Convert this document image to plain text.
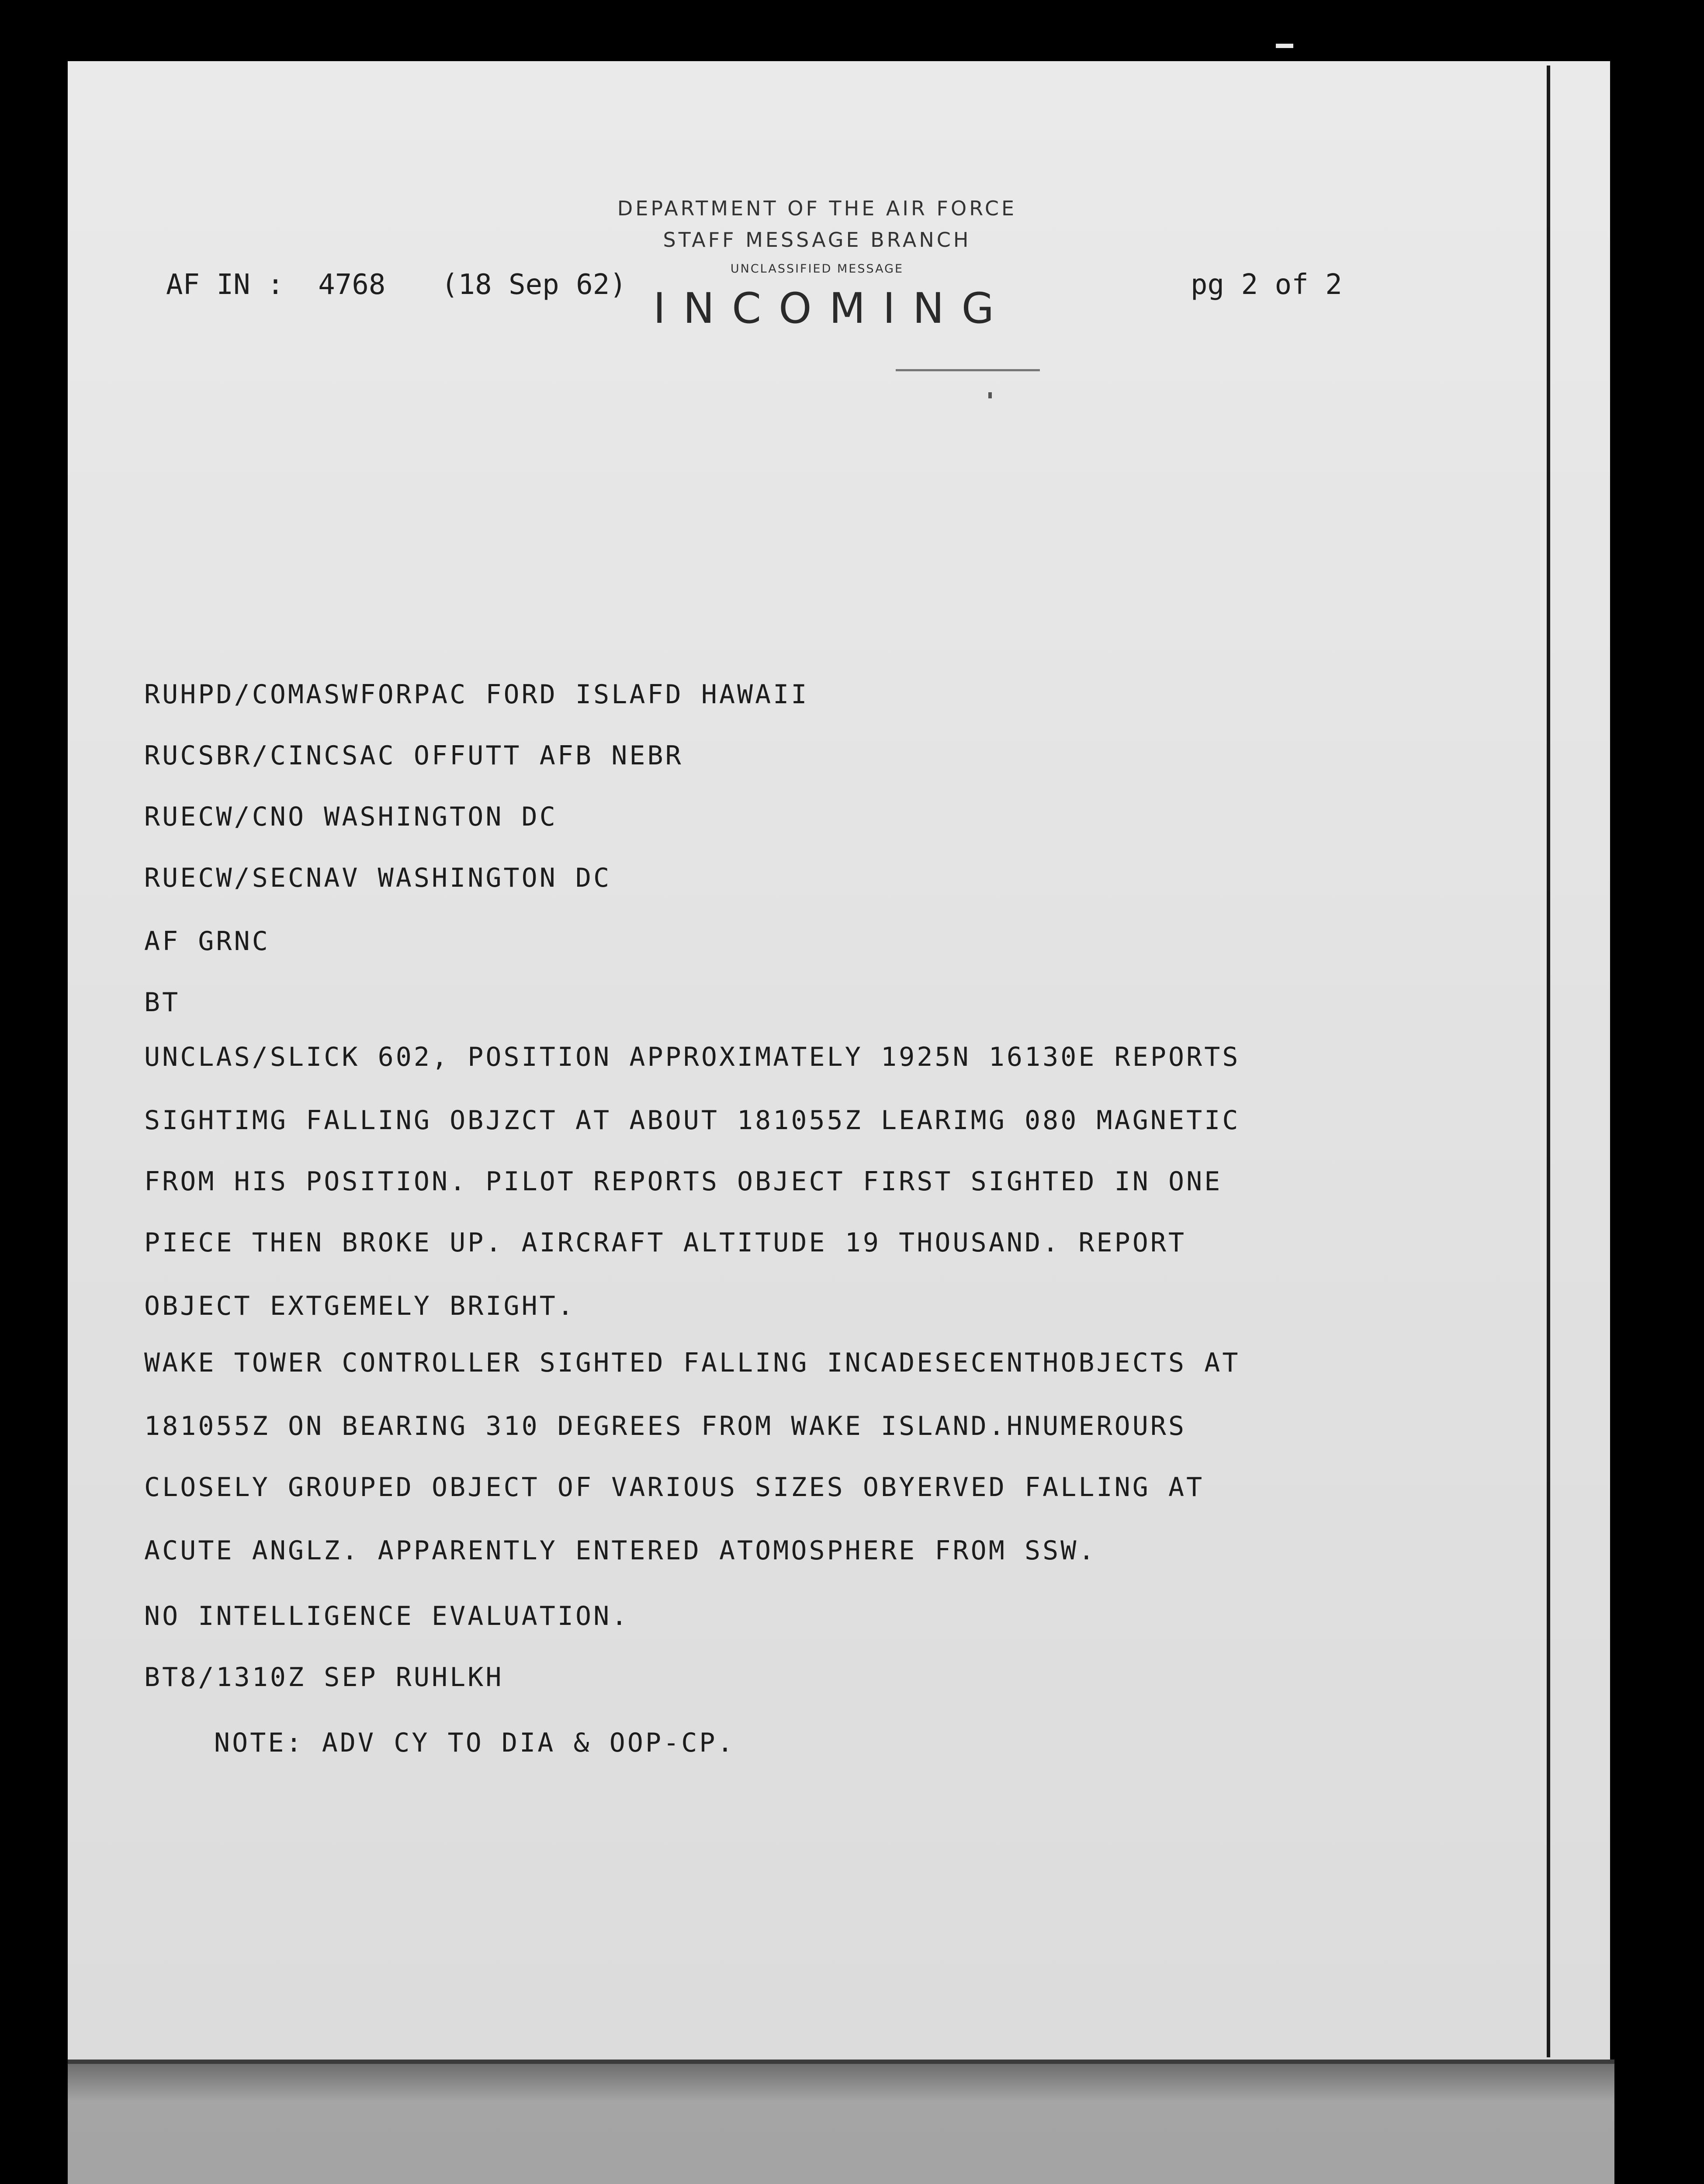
DEPARTMENT OF THE AIR FORCE
STAFF MESSAGE BRANCH
UNCLASSIFIED MESSAGE
AF IN : 4768 (18 Sep 62) INCOMING	pg 2 of 2
RUHPD/COMASWFORPAC FORD ISLAFD HAWAII
RUCSBR/CINCSAC OFFUTT AFB NEBR
RUECW/CNO WASHINGTON DC
RUECW/SECNAV WASHINGTON DC
AF GRNC
BT
UNCLAS/SLICK 602, POSITION APPROXIMATELY 1925N 16130E REPORTS
SIGHTIMG FALLING OBJZCT AT ABOUT 181055Z LEARIMG 080 MAGNETIC
FROM HIS POSITION. PILOT REPORTS OBJECT FIRST SIGHTED IN ONE
PIECE THEN BROKE UP. AIRCRAFT ALTITUDE 19 THOUSAND. REPORT
OBJECT EXTGEMELY BRIGHT.
WAKE TOWER CONTROLLER SIGHTED FALLING INCADESECENTHOBJECTS AT
181055Z ON BEARING 310 DEGREES FROM WAKE ISLAND.HNUMEROURS
CLOSELY GROUPED OBJECT OF VARIOUS SIZES OBYERVED FALLING AT
ACUTE ANGLZ. APPARENTLY ENTERED ATOMOSPHERE FROM SSW.
NO INTELLIGENCE EVALUATION.
BT8/1310Z SEP RUHLKH
NOTE: ADV CY TO DIA & OOP-CP.
